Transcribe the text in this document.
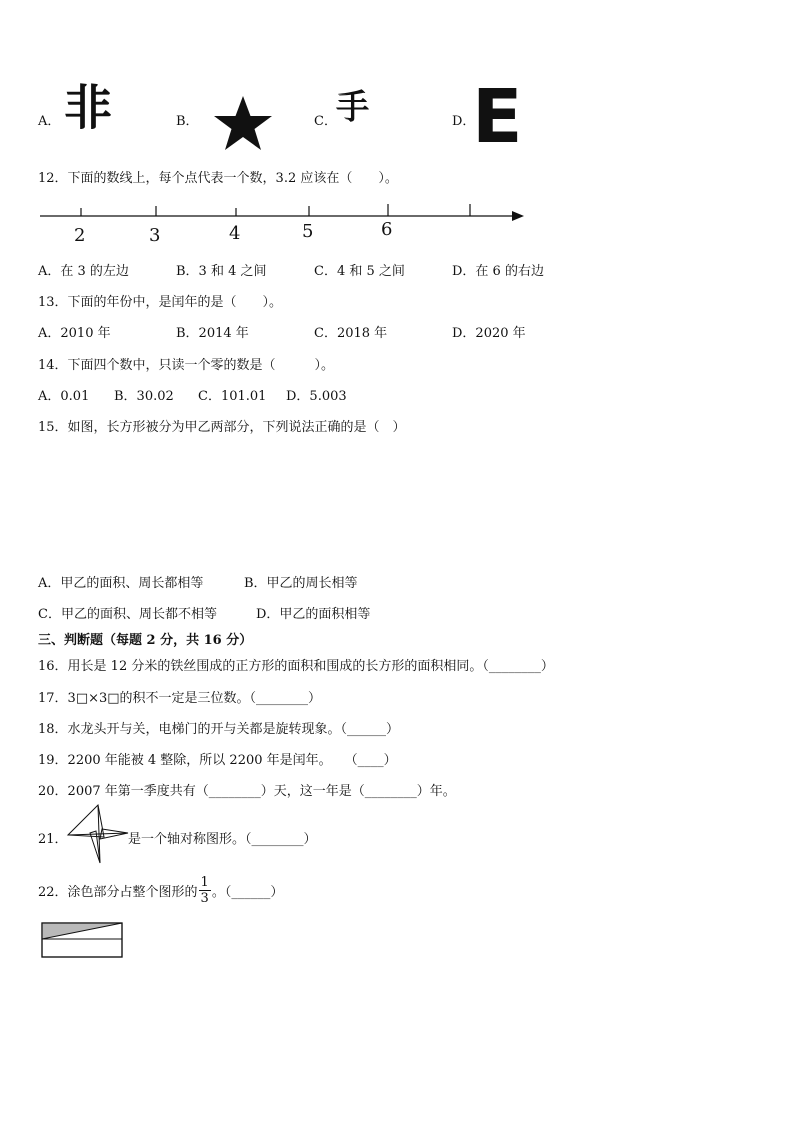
A． 非	B．	C．
手	D．
E
12．下面的数线上，每个点代表一个数，3.2 应该在（　　）。
2	3	4	5	6
A．在 3 的左边	B．3 和 4 之间	C．4 和 5 之间	D．在 6 的右边
13．下面的年份中，是闰年的是（　　）。
A．2010 年	B．2014 年	C．2018 年	D．2020 年
14．下面四个数中，只读一个零的数是（　　　）。
A．0.01 B．30.02 C．101.01 D．5.003
15．如图，长方形被分为甲乙两部分，下列说法正确的是（　）
A．甲乙的面积、周长都相等	B．甲乙的周长相等
C．甲乙的面积、周长都不相等	D．甲乙的面积相等
三、判断题（每题 2 分，共 16 分）
16．用长是 12 分米的铁丝围成的正方形的面积和围成的长方形的面积相同。（________）
17．3□×3□的积不一定是三位数。（________）
18．水龙头开与关，电梯门的开与关都是旋转现象。（______）
19．2200 年能被 4 整除，所以 2200 年是闰年。　　（____）
20．2007 年第一季度共有（________）天，这一年是（________）年。
21．	是一个轴对称图形。（________）
22．涂色部分占整个图形的 $\frac{1}{3}$ 。（______）
